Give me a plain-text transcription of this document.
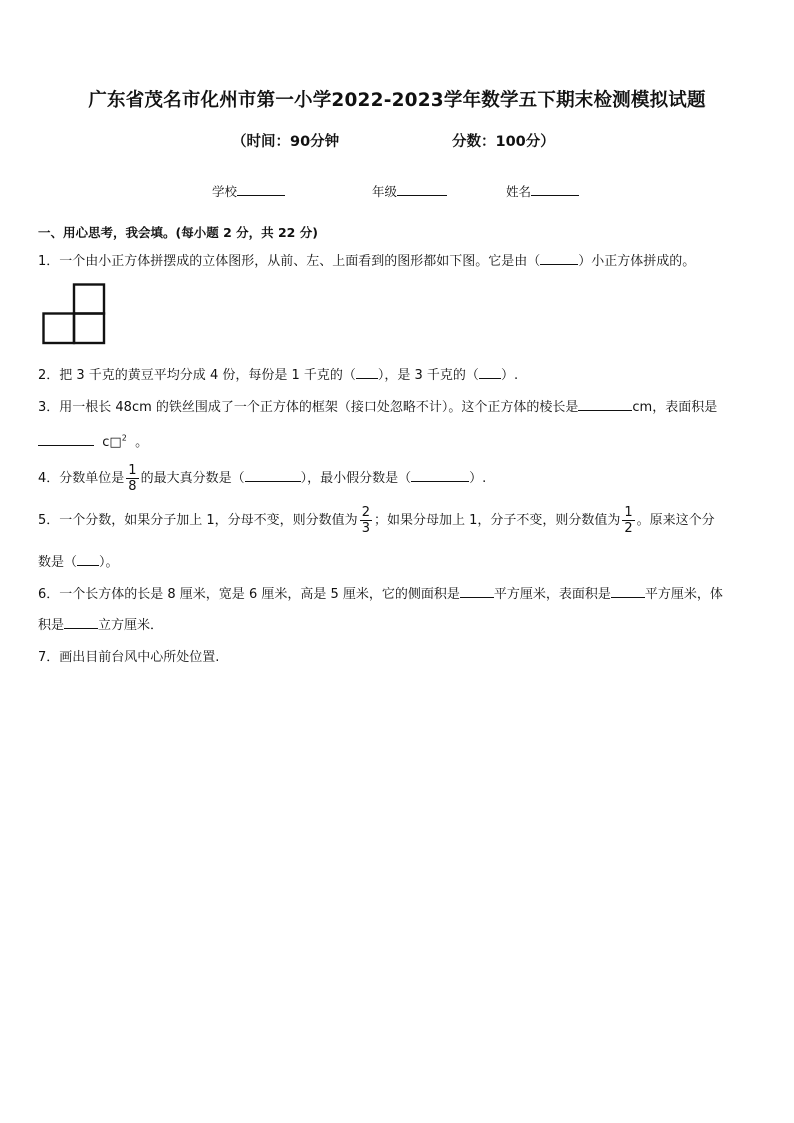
广东省茂名市化州市第一小学2022-2023学年数学五下期末检测模拟试题
（时间：90分钟	分数：100分）
学校	年级	姓名
一、用心思考，我会填。(每小题 2 分，共 22 分)
1．一个由小正方体拼摆成的立体图形，从前、左、上面看到的图形都如下图。它是由（	）小正方体拼成的。
2．把 3 千克的黄豆平均分成 4 份，每份是 1 千克的（ ），是 3 千克的（ ）.
3．用一根长 48cm 的铁丝围成了一个正方体的框架（接口处忽略不计）。这个正方体的棱长是	cm，表面积是
c□$^2$ 。
4．分数单位是 $\frac{1}{8}$ 的最大真分数是（	），最小假分数是（	）.
5．一个分数，如果分子加上 1，分母不变，则分数值为 $\frac{2}{3}$ ；如果分母加上 1，分子不变，则分数值为 $\frac{1}{2}$ 。原来这个分
数是（ ）。
6．一个长方体的长是 8 厘米，宽是 6 厘米，高是 5 厘米，它的侧面积是	平方厘米，表面积是	平方厘米，体
积是	立方厘米．
7．画出目前台风中心所处位置.
